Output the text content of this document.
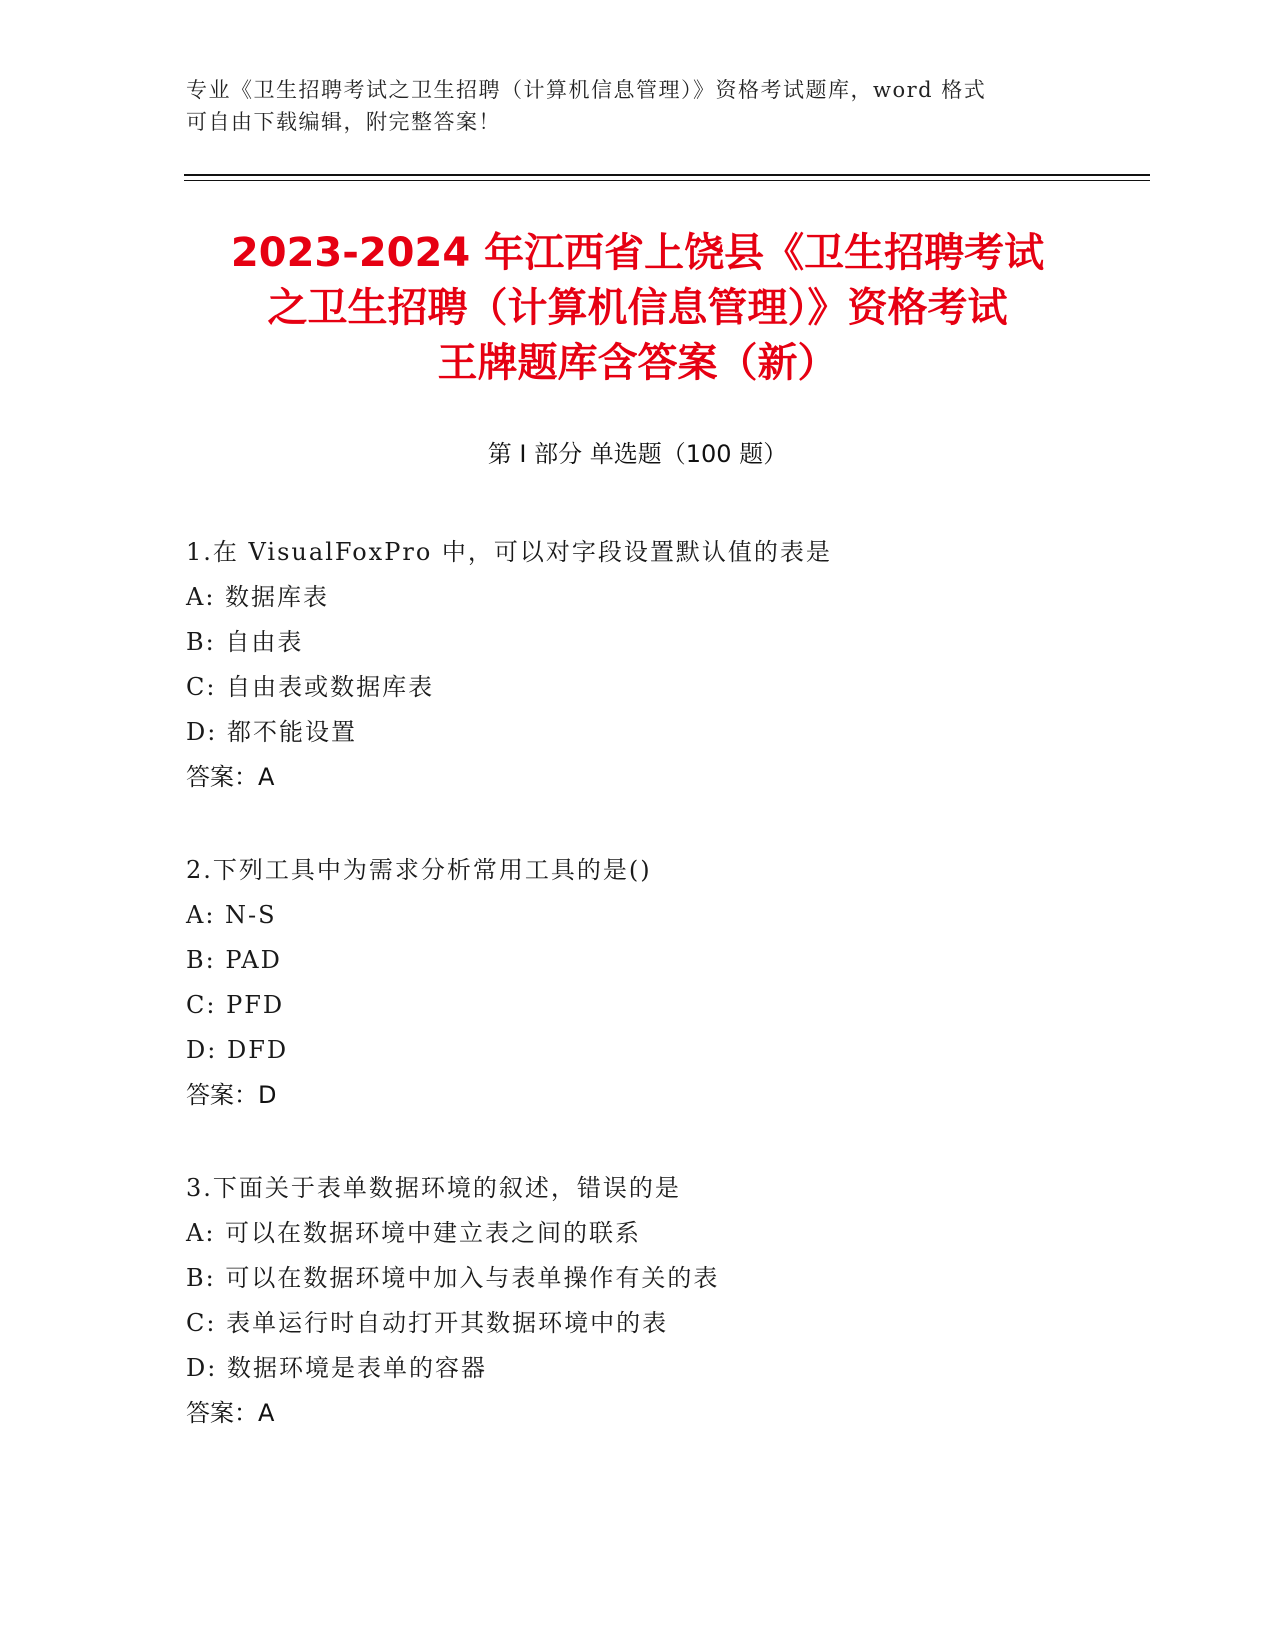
专业《卫生招聘考试之卫生招聘（计算机信息管理）》资格考试题库，word 格式
可自由下载编辑，附完整答案！
2023-2024 年江西省上饶县《卫生招聘考试
之卫生招聘（计算机信息管理）》资格考试
王牌题库含答案（新）
第 I 部分 单选题（100 题）
1.在 VisualFoxPro 中，可以对字段设置默认值的表是
A: 数据库表
B: 自由表
C: 自由表或数据库表
D: 都不能设置
答案：A
2.下列工具中为需求分析常用工具的是()
A: N-S
B: PAD
C: PFD
D: DFD
答案：D
3.下面关于表单数据环境的叙述，错误的是
A: 可以在数据环境中建立表之间的联系
B: 可以在数据环境中加入与表单操作有关的表
C: 表单运行时自动打开其数据环境中的表
D: 数据环境是表单的容器
答案：A
